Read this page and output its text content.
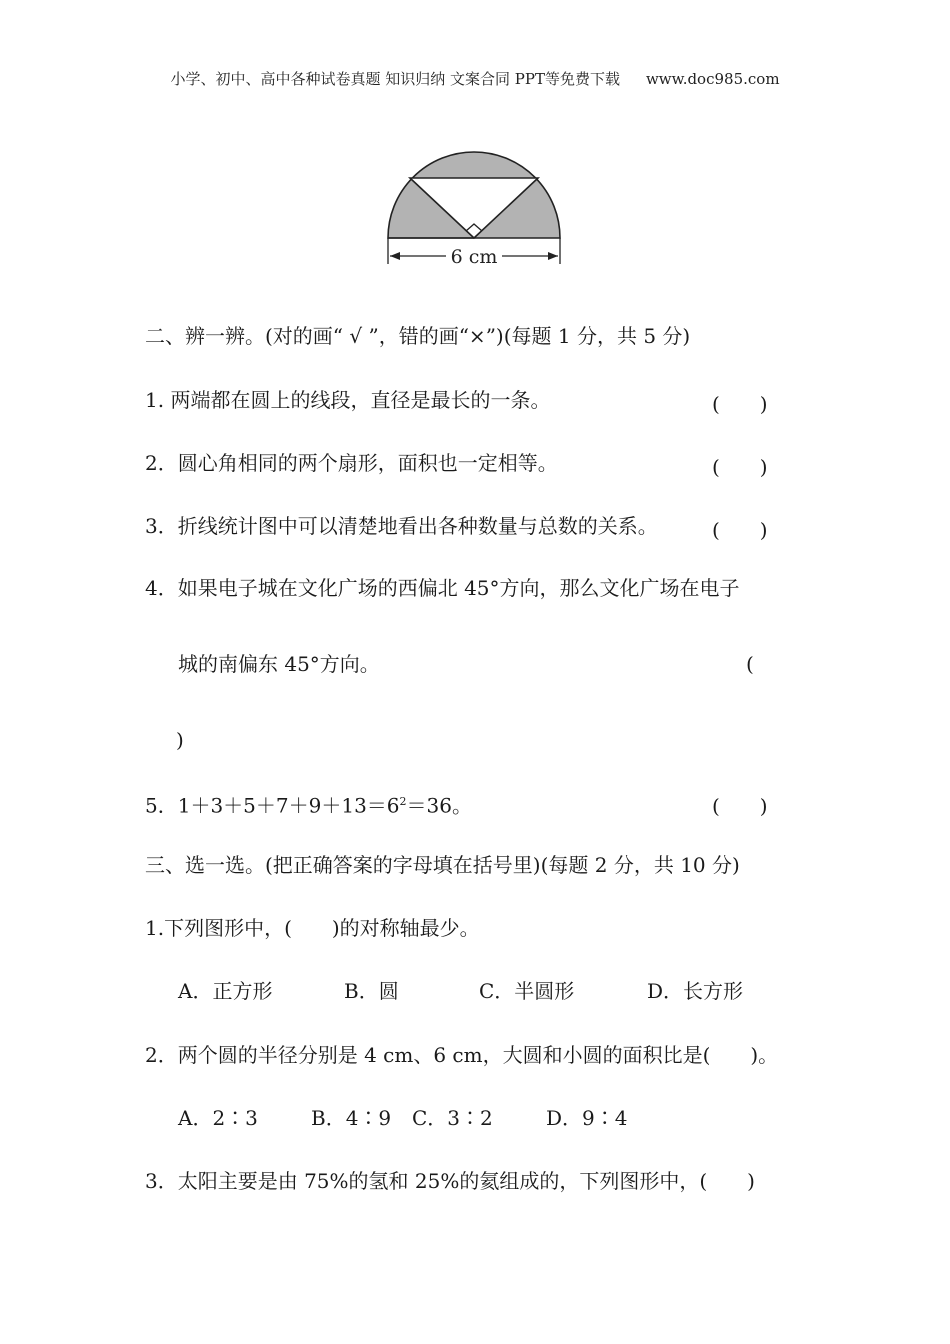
小学、初中、高中各种试卷真题 知识归纳 文案合同 PPT等免费下载 www.doc985.com
6 cm
二、辨一辨。(对的画“ √ ”，错的画“×”)(每题 1 分，共 5 分)
1. 两端都在圆上的线段，直径是最长的一条。	(　　)
2．圆心角相同的两个扇形，面积也一定相等。	(　　)
3．折线统计图中可以清楚地看出各种数量与总数的关系。	(　　)
4．如果电子城在文化广场的西偏北 45°方向，那么文化广场在电子
城的南偏东 45°方向。	(
)
5．$1+3+5+7+9+13=6^2=36$。	(　　)
三、选一选。(把正确答案的字母填在括号里)(每题 2 分，共 10 分)
1.下列图形中，(　　)的对称轴最少。
A．正方形	B．圆	C．半圆形	D．长方形
2．两个圆的半径分别是 4 cm、6 cm，大圆和小圆的面积比是(　　)。
A．2∶3	B．4∶9 C．3∶2	D．9∶4
3．太阳主要是由 75%的氢和 25%的氦组成的，下列图形中，(　　)
